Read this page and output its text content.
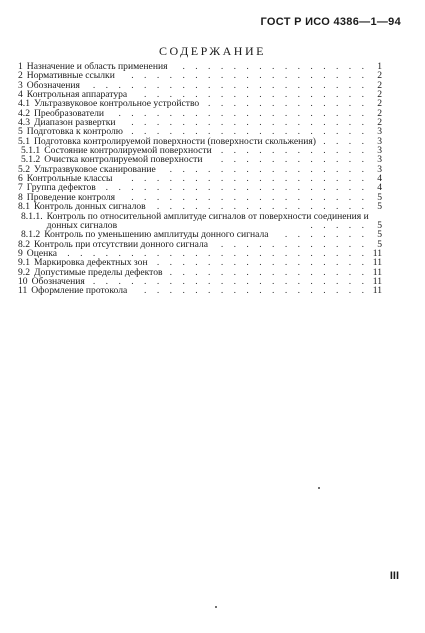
ГОСТ Р ИСО 4386—1—94
СОДЕРЖАНИЕ
1 Назначение и область применения . . . . . . . . . . . . . . . 1
2 Нормативные ссылки . . . . . . . . . . . . . . . . . . . 2
3 Обозначения . . . . . . . . . . . . . . . . . . . . . . 2
4 Контрольная аппаратура . . . . . . . . . . . . . . . . . . 2
4.1 Ультразвуковое контрольное устройство . . . . . . . . . . . . . 2
4.2 Преобразователи . . . . . . . . . . . . . . . . . . . . 2
4.3 Диапазон развертки . . . . . . . . . . . . . . . . . . . 2
5 Подготовка к контролю . . . . . . . . . . . . . . . . . . . 3
5.1 Подготовка контролируемой поверхности (поверхности скольжения) . . . . 3
5.1.1 Состояние контролируемой поверхности . . . . . . . . . . . . 3
5.1.2 Очистка контролируемой поверхности . . . . . . . . . . . . 3
5.2 Ультразвуковое сканирование . . . . . . . . . . . . . . . . 3
6 Контрольные классы . . . . . . . . . . . . . . . . . . . 4
7 Группа дефектов . . . . . . . . . . . . . . . . . . . . . 4
8 Проведение контроля . . . . . . . . . . . . . . . . . . . 5
8.1 Контроль донных сигналов . . . . . . . . . . . . . . . . . 5
8.1.1. Контроль по относительной амплитуде сигналов от поверхности соединения и донных сигналов	. . . . . 5
8.1.2 Контроль по уменьшению амплитуды донного сигнала . . . . . . . 5
8.2 Контроль при отсутствии донного сигнала . . . . . . . . . . . . 5
9 Оценка . . . . . . . . . . . . . . . . . . . . . . . . 11
9.1 Маркировка дефектных зон . . . . . . . . . . . . . . . . . 11
9.2 Допустимые пределы дефектов . . . . . . . . . . . . . . . . 11
10 Обозначения . . . . . . . . . . . . . . . . . . . . . . 11
11 Оформление протокола . . . . . . . . . . . . . . . . . . 11
III
